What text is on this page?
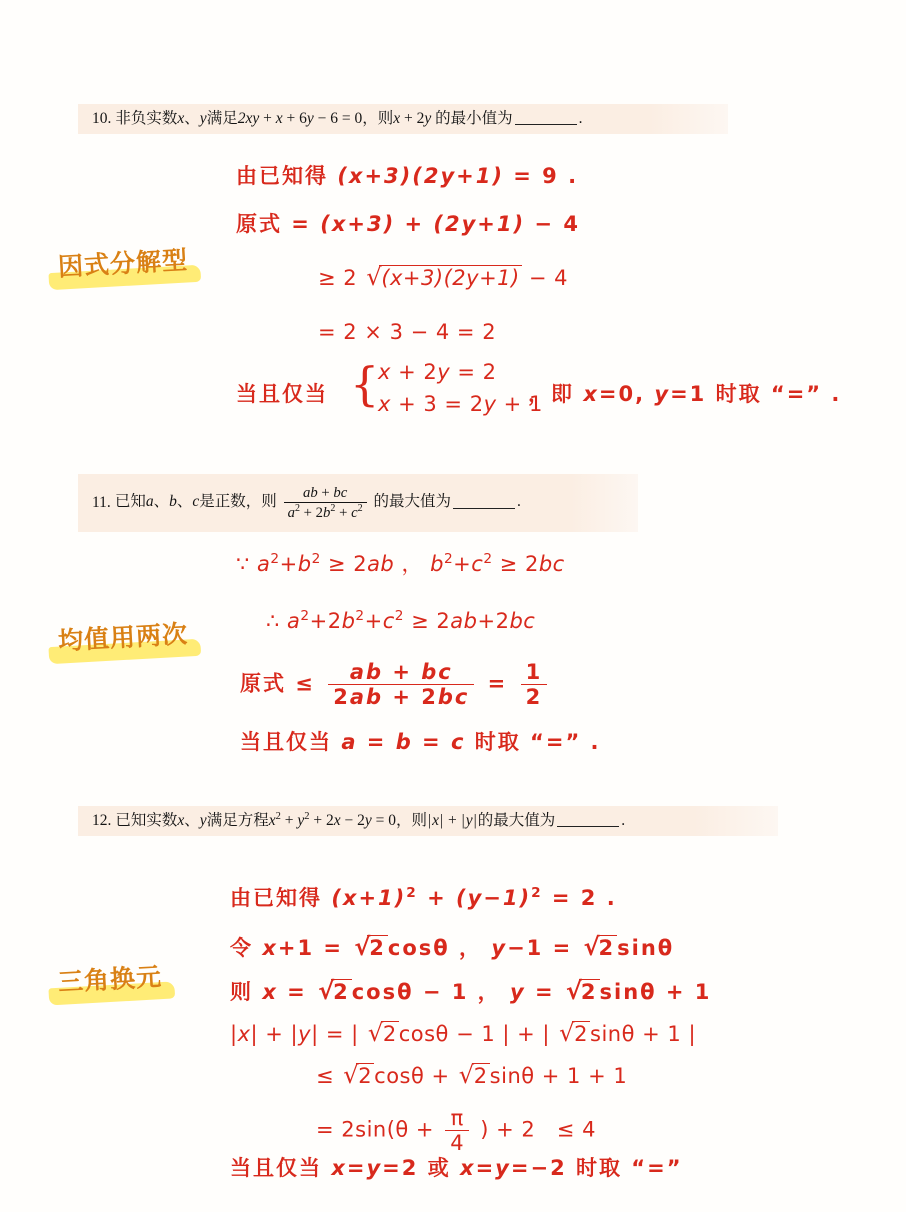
10. 非负实数x、y满足2xy + x + 6y − 6 = 0，则x + 2y 的最小值为	.
因式分解型
由已知得 (x+3)(2y+1) = 9 .
原式 = (x+3) + (2y+1) − 4
≥ 2 √ (x+3)(2y+1) − 4
= 2 × 3 − 4 = 2
当且仅当 {
x + 2y = 2
x + 3 = 2y + 1
，即 x=0, y=1 时取 “=” .
11. 已知a、b、c是正数，则 $\frac{ab + bc}{a^2 + 2b^2 + c^2}$ 的最大值为	.
均值用两次
∵ $a^2+b^2 \ge 2ab$ ， $b^2+c^2 \ge 2bc$
∴ $a^2+2b^2+c^2 \ge 2ab+2bc$
原式 ≤ $\frac{ab + bc}{2ab + 2bc} = \frac{1}{2}$
当且仅当 a = b = c 时取 “=” .
12. 已知实数x、y满足方程$x^2 + y^2 + 2x - 2y = 0$，则|x| + |y|的最大值为	.
三角换元
由已知得 $(x+1)^2 + (y-1)^2 = 2$ .
令 x+1 = √
2cosθ ， y−1 = √
2sinθ
则 x = √
2cosθ − 1 ， y = √
2sinθ + 1
|x| + |y| = | √ 2cosθ − 1 | + | √ 2sinθ + 1 |
≤ √ 2cosθ + √ 2sinθ + 1 + 1
= $2\sin(\theta + \frac{\pi}{4}$ ) + 2   ≤ 4
当且仅当 x=y=2 或 x=y=−2 时取 “=”
